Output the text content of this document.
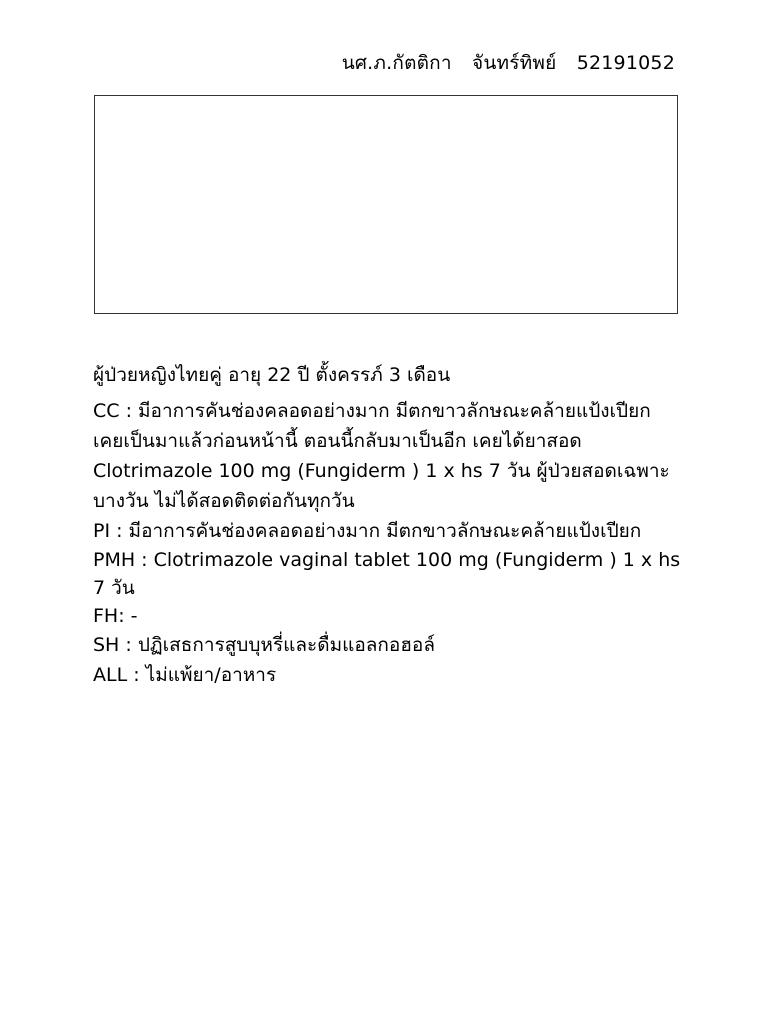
นศ.ภ.กัตติกา จันทร์ทิพย์ 52191052

ผู้ป่วยหญิงไทยคู่ อายุ 22 ปี ตั้งครรภ์ 3 เดือน

CC : มีอาการคันช่องคลอดอย่างมาก มีตกขาวลักษณะคล้ายแป้งเปียก เคยเป็นมาแล้วก่อนหน้านี้ ตอนนี้กลับมาเป็นอีก เคยได้ยาสอด Clotrimazole 100 mg (Fungiderm ) 1 x hs 7 วัน ผู้ป่วยสอดเฉพาะบางวัน ไม่ได้สอดติดต่อกันทุกวัน

PI : มีอาการคันช่องคลอดอย่างมาก มีตกขาวลักษณะคล้ายแป้งเปียก

PMH : Clotrimazole vaginal tablet 100 mg (Fungiderm ) 1 x hs 7 วัน

FH: -

SH : ปฏิเสธการสูบบุหรี่และดื่มแอลกอฮอล์

ALL : ไม่แพ้ยา/อาหาร
